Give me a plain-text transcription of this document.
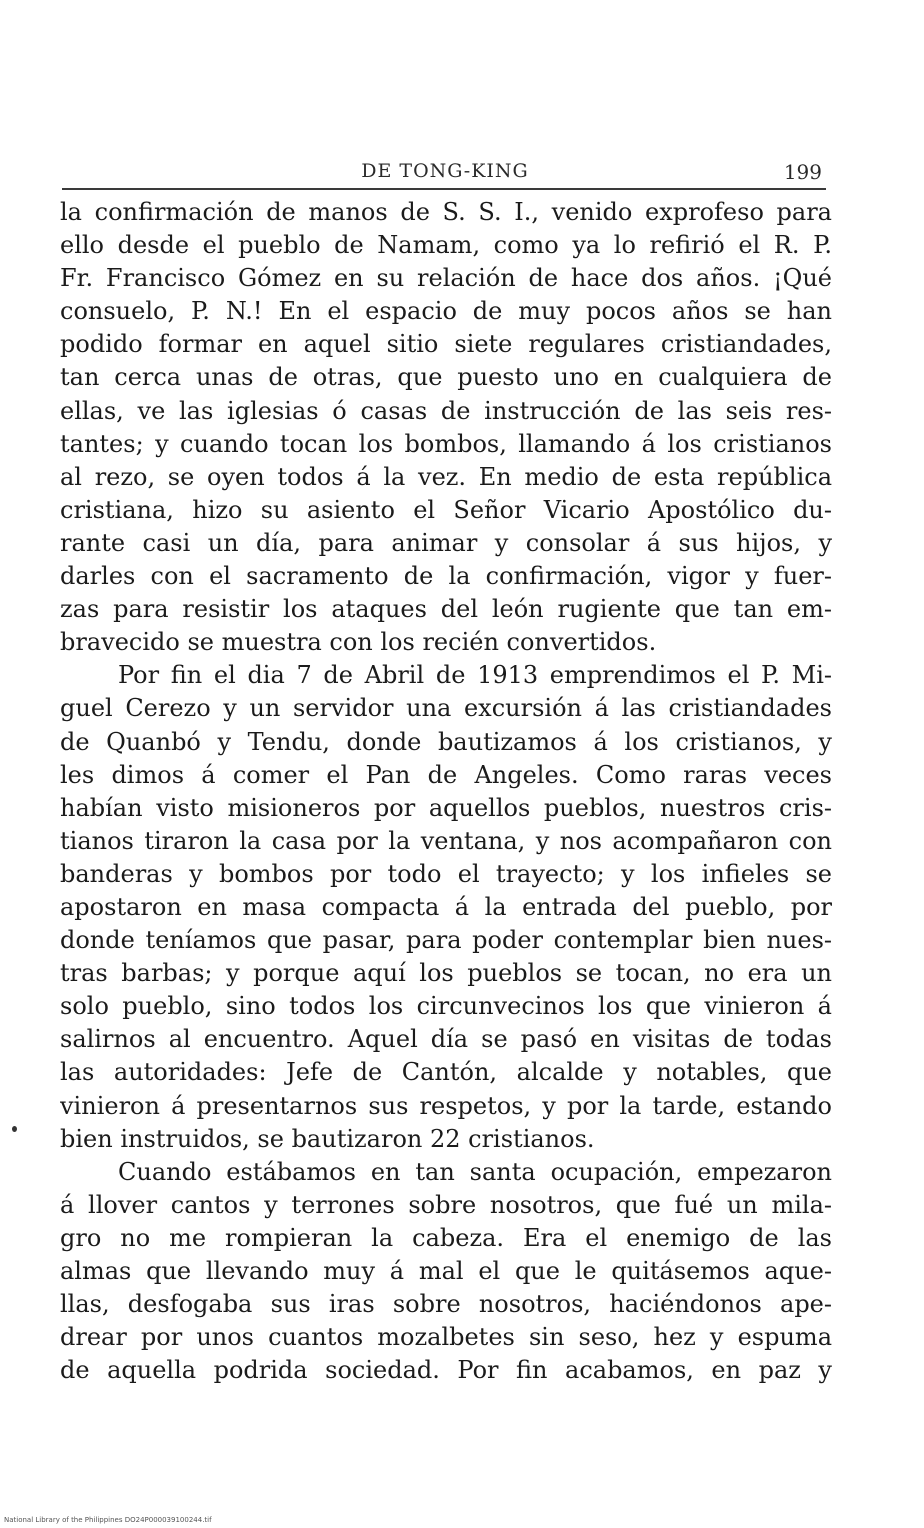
DE TONG-KING	199
la confirmación de manos de S. S. I., venido exprofeso para
ello desde el pueblo de Namam, como ya lo refirió el R. P.
Fr. Francisco Gómez en su relación de hace dos años. ¡Qué
consuelo, P. N.! En el espacio de muy pocos años se han
podido formar en aquel sitio siete regulares cristiandades,
tan cerca unas de otras, que puesto uno en cualquiera de
ellas, ve las iglesias ó casas de instrucción de las seis res-
tantes; y cuando tocan los bombos, llamando á los cristianos
al rezo, se oyen todos á la vez. En medio de esta república
cristiana, hizo su asiento el Señor Vicario Apostólico du-
rante casi un día, para animar y consolar á sus hijos, y
darles con el sacramento de la confirmación, vigor y fuer-
zas para resistir los ataques del león rugiente que tan em-
bravecido se muestra con los recién convertidos.
Por fin el dia 7 de Abril de 1913 emprendimos el P. Mi-
guel Cerezo y un servidor una excursión á las cristiandades
de Quanbó y Tendu, donde bautizamos á los cristianos, y
les dimos á comer el Pan de Angeles. Como raras veces
habían visto misioneros por aquellos pueblos, nuestros cris-
tianos tiraron la casa por la ventana, y nos acompañaron con
banderas y bombos por todo el trayecto; y los infieles se
apostaron en masa compacta á la entrada del pueblo, por
donde teníamos que pasar, para poder contemplar bien nues-
tras barbas; y porque aquí los pueblos se tocan, no era un
solo pueblo, sino todos los circunvecinos los que vinieron á
salirnos al encuentro. Aquel día se pasó en visitas de todas
las autoridades: Jefe de Cantón, alcalde y notables, que
vinieron á presentarnos sus respetos, y por la tarde, estando
bien instruidos, se bautizaron 22 cristianos.
Cuando estábamos en tan santa ocupación, empezaron
á llover cantos y terrones sobre nosotros, que fué un mila-
gro no me rompieran la cabeza. Era el enemigo de las
almas que llevando muy á mal el que le quitásemos aque-
llas, desfogaba sus iras sobre nosotros, haciéndonos ape-
drear por unos cuantos mozalbetes sin seso, hez y espuma
de aquella podrida sociedad. Por fin acabamos, en paz y
National Library of the Philippines DO24P000039100244.tif
